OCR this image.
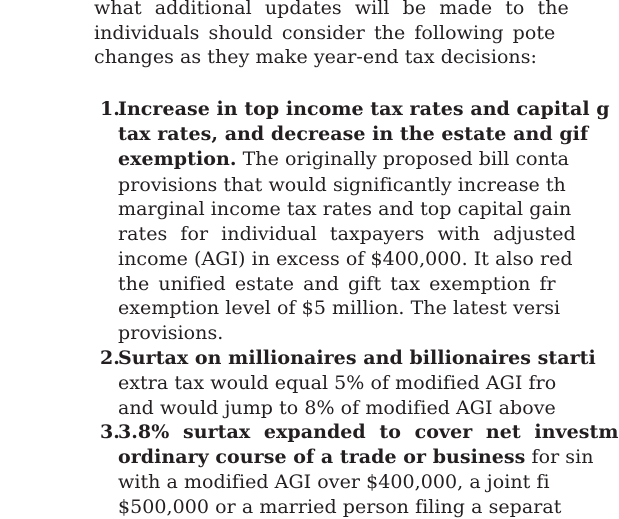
what additional updates will be made to the
individuals should consider the following pote
changes as they make year-end tax decisions:
1.
Increase in top income tax rates and capital g
tax rates, and decrease in the estate and gif
exemption. The originally proposed bill conta
provisions that would significantly increase th
marginal income tax rates and top capital gain
rates for individual taxpayers with adjusted
income (AGI) in excess of $400,000. It also red
the unified estate and gift tax exemption fr
exemption level of $5 million. The latest versi
provisions.
2.
Surtax on millionaires and billionaires starti
extra tax would equal 5% of modified AGI fro
and would jump to 8% of modified AGI above
3.
3.8% surtax expanded to cover net investm
ordinary course of a trade or business for sin
with a modified AGI over $400,000, a joint fi
$500,000 or a married person filing a separat
